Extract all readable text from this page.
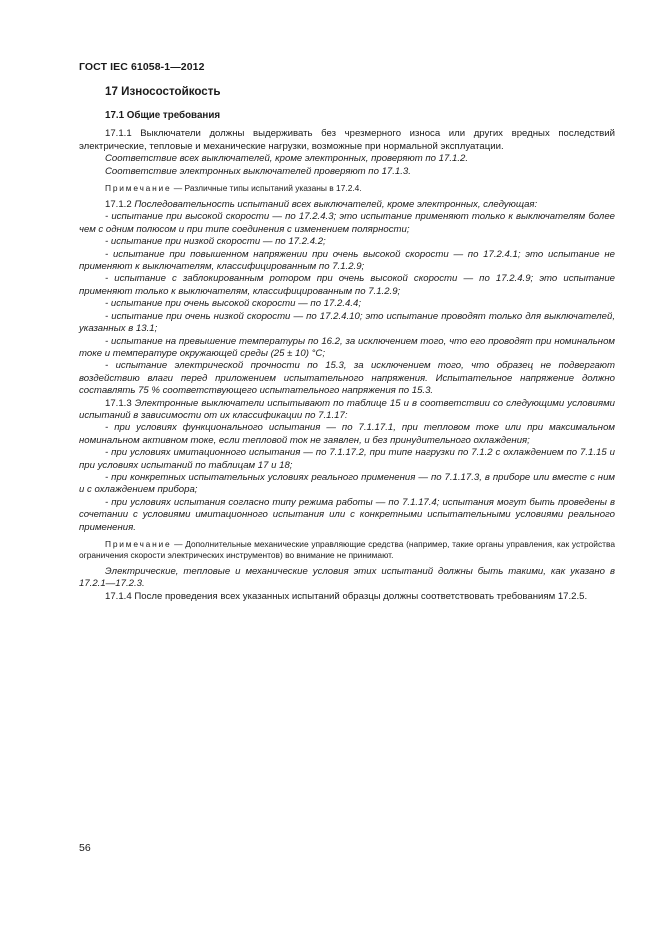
ГОСТ IEC 61058-1—2012
17 Износостойкость
17.1 Общие требования

17.1.1 Выключатели должны выдерживать без чрезмерного износа или других вредных последствий электрические, тепловые и механические нагрузки, возможные при нормальной эксплуатации.

Соответствие всех выключателей, кроме электронных, проверяют по 17.1.2.

Соответствие электронных выключателей проверяют по 17.1.3.

Примечание — Различные типы испытаний указаны в 17.2.4.

17.1.2 Последовательность испытаний всех выключателей, кроме электронных, следующая:

- испытание при высокой скорости — по 17.2.4.3; это испытание применяют только к выключателям более чем с одним полюсом и при типе соединения с изменением полярности;

- испытание при низкой скорости — по 17.2.4.2;

- испытание при повышенном напряжении при очень высокой скорости — по 17.2.4.1; это испытание не применяют к выключателям, классифицированным по 7.1.2.9;

- испытание с заблокированным ротором при очень высокой скорости — по 17.2.4.9; это испытание применяют только к выключателям, классифицированным по 7.1.2.9;

- испытание при очень высокой скорости — по 17.2.4.4;

- испытание при очень низкой скорости — по 17.2.4.10; это испытание проводят только для выключателей, указанных в 13.1;

- испытание на превышение температуры по 16.2, за исключением того, что его проводят при номинальном токе и температуре окружающей среды (25 ± 10) °С;

- испытание электрической прочности по 15.3, за исключением того, что образец не подвергают воздействию влаги перед приложением испытательного напряжения. Испытательное напряжение должно составлять 75 % соответствующего испытательного напряжения по 15.3.

17.1.3 Электронные выключатели испытывают по таблице 15 и в соответствии со следующими условиями испытаний в зависимости от их классификации по 7.1.17:

- при условиях функционального испытания — по 7.1.17.1, при тепловом токе или при максимальном номинальном активном токе, если тепловой ток не заявлен, и без принудительного охлаждения;

- при условиях имитационного испытания — по 7.1.17.2, при типе нагрузки по 7.1.2 с охлаждением по 7.1.15 и при условиях испытаний по таблицам 17 и 18;

- при конкретных испытательных условиях реального применения — по 7.1.17.3, в приборе или вместе с ним и с охлаждением прибора;

- при условиях испытания согласно типу режима работы — по 7.1.17.4; испытания могут быть проведены в сочетании с условиями имитационного испытания или с конкретными испытательными условиями реального применения.

Примечание — Дополнительные механические управляющие средства (например, такие органы управления, как устройства ограничения скорости электрических инструментов) во внимание не принимают.

Электрические, тепловые и механические условия этих испытаний должны быть такими, как указано в 17.2.1—17.2.3.

17.1.4 После проведения всех указанных испытаний образцы должны соответствовать требованиям 17.2.5.

56
